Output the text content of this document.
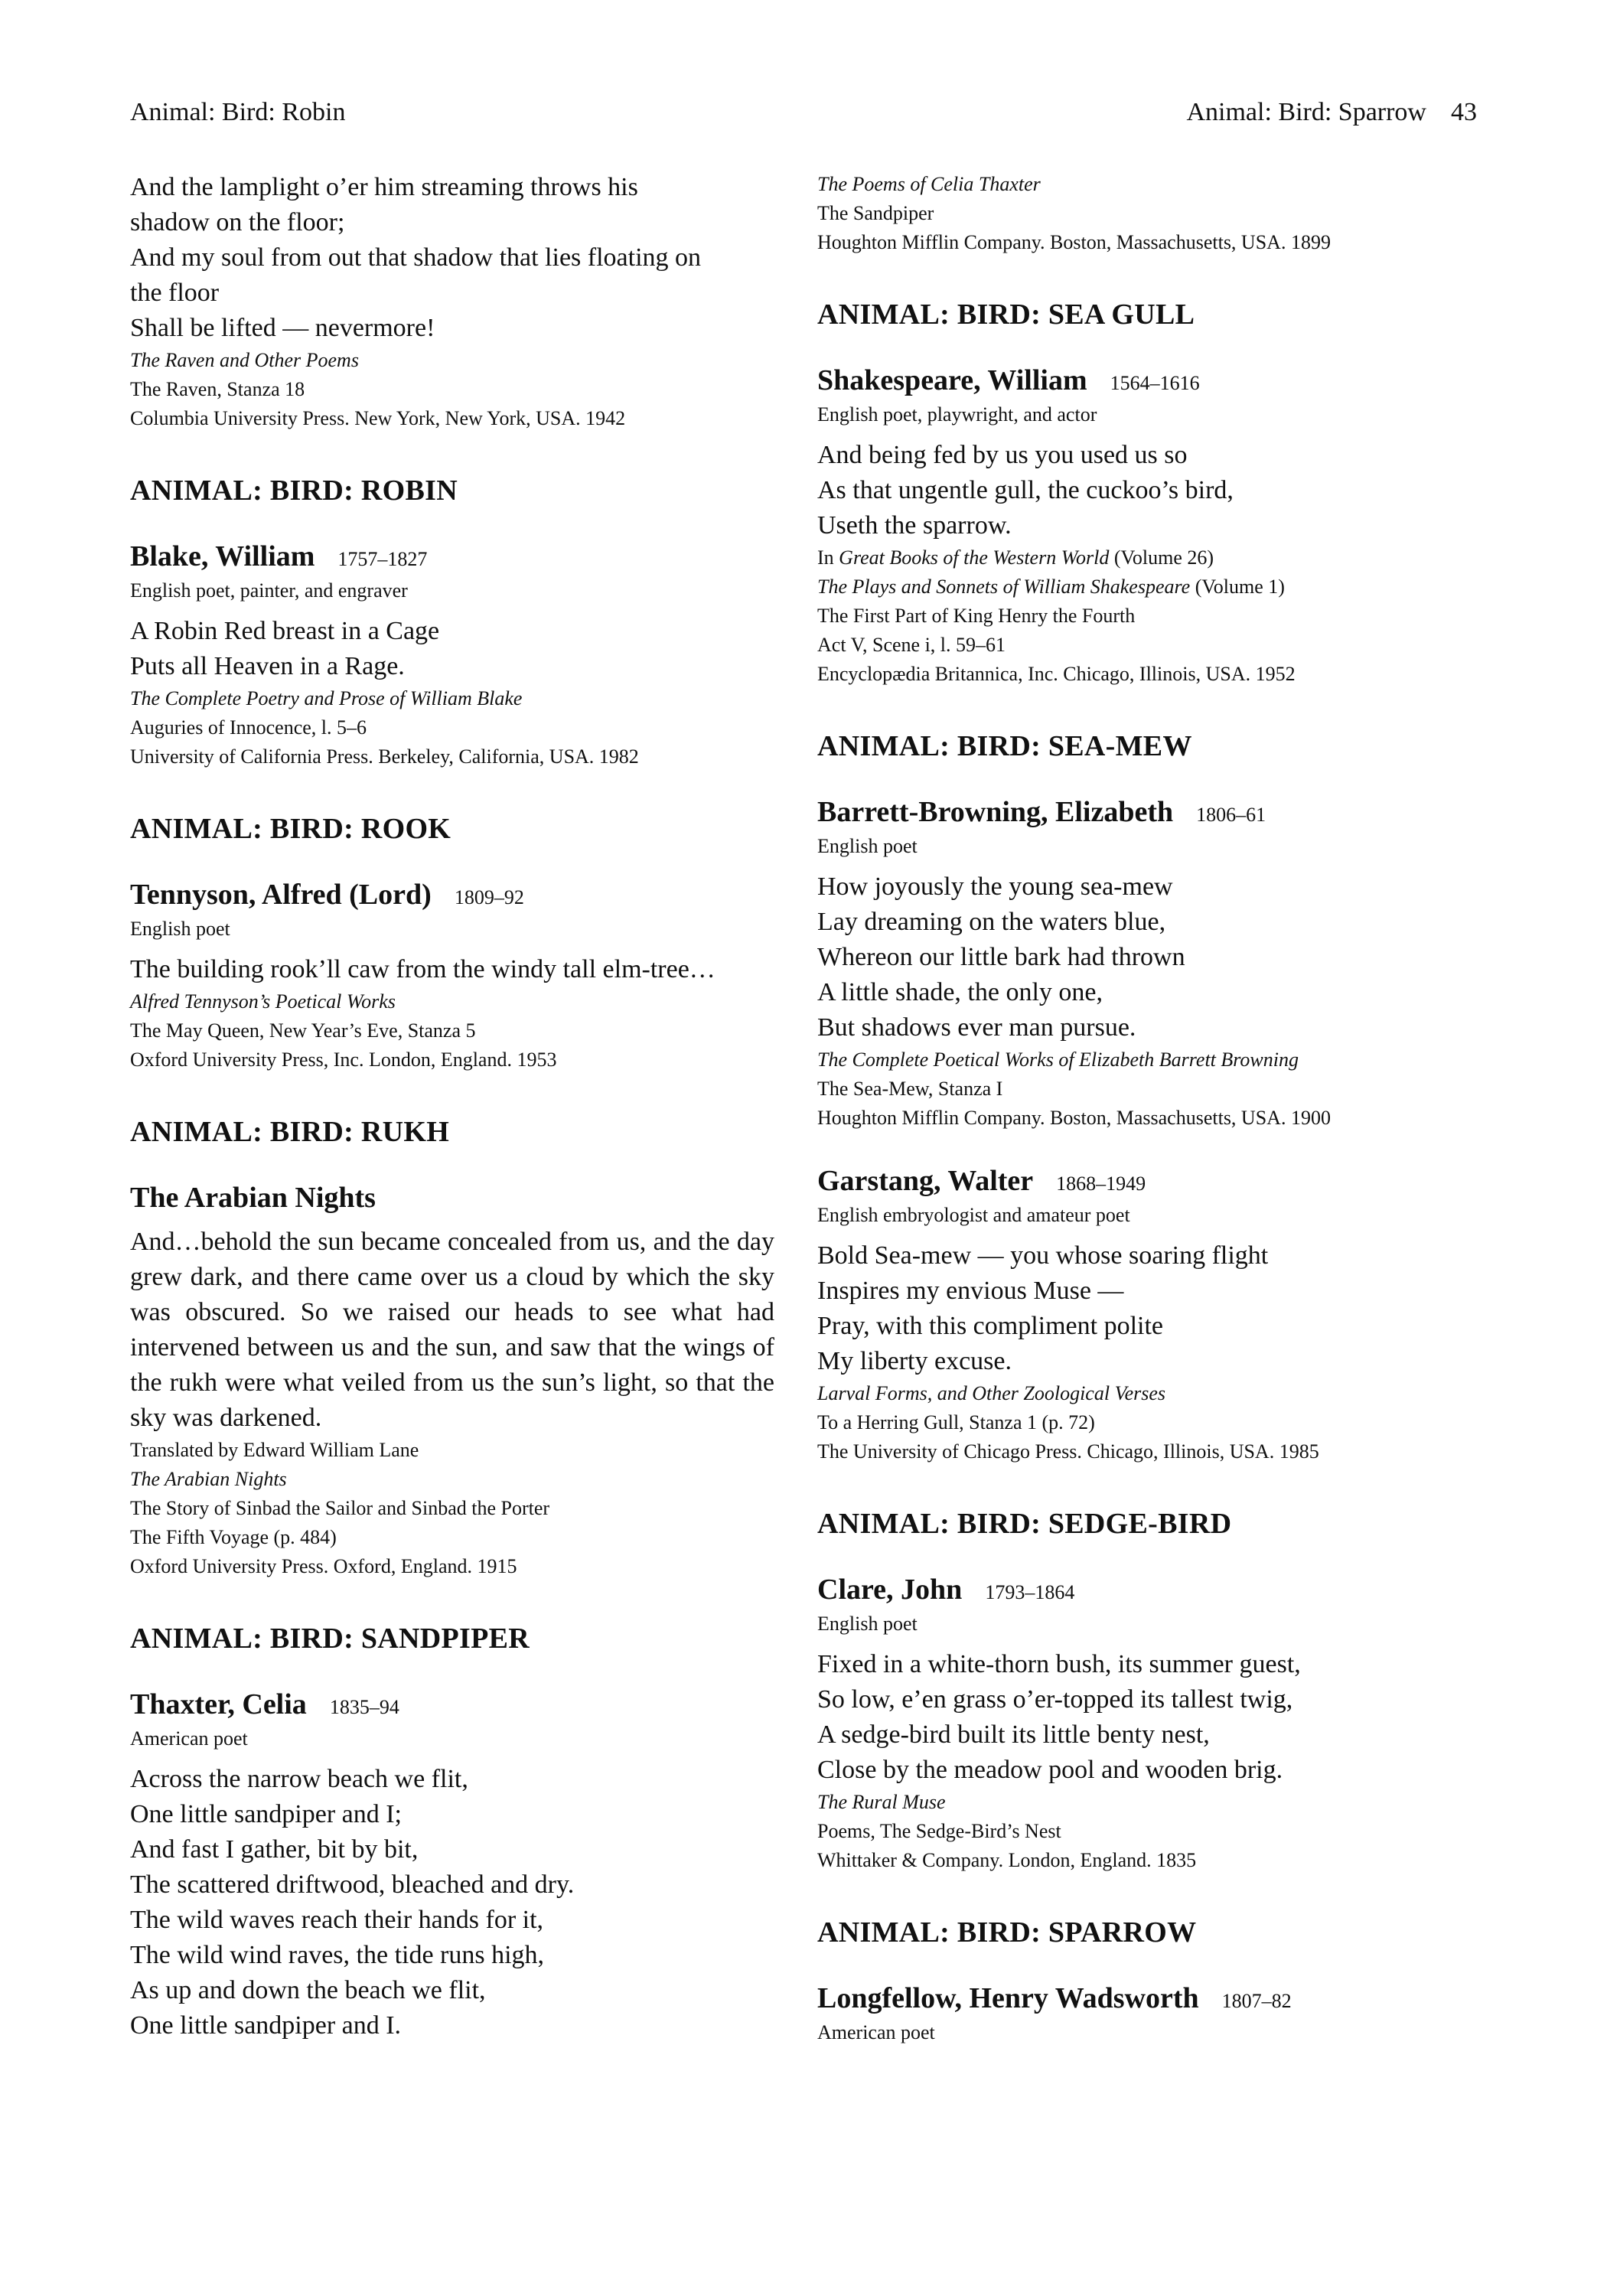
Animal: Bird: Robin	Animal: Bird: Sparrow 43
And the lamplight o’er him streaming throws his
shadow on the floor;
And my soul from out that shadow that lies floating on
the floor
Shall be lifted — nevermore!
The Raven and Other Poems
The Raven, Stanza 18
Columbia University Press. New York, New York, USA. 1942
ANIMAL: BIRD: ROBIN
Blake, William 1757–1827
English poet, painter, and engraver
A Robin Red breast in a Cage
Puts all Heaven in a Rage.
The Complete Poetry and Prose of William Blake
Auguries of Innocence, l. 5–6
University of California Press. Berkeley, California, USA. 1982
ANIMAL: BIRD: ROOK
Tennyson, Alfred (Lord) 1809–92
English poet
The building rook’ll caw from the windy tall elm-tree…
Alfred Tennyson’s Poetical Works
The May Queen, New Year’s Eve, Stanza 5
Oxford University Press, Inc. London, England. 1953
ANIMAL: BIRD: RUKH
The Arabian Nights
And…behold the sun became concealed from us, and the day grew dark, and there came over us a cloud by which the sky was obscured. So we raised our heads to see what had intervened between us and the sun, and saw that the wings of the rukh were what veiled from us the sun’s light, so that the sky was darkened.
Translated by Edward William Lane
The Arabian Nights
The Story of Sinbad the Sailor and Sinbad the Porter
The Fifth Voyage (p. 484)
Oxford University Press. Oxford, England. 1915
ANIMAL: BIRD: SANDPIPER
Thaxter, Celia 1835–94
American poet
Across the narrow beach we flit,
One little sandpiper and I;
And fast I gather, bit by bit,
The scattered driftwood, bleached and dry.
The wild waves reach their hands for it,
The wild wind raves, the tide runs high,
As up and down the beach we flit,
One little sandpiper and I.
The Poems of Celia Thaxter
The Sandpiper
Houghton Mifflin Company. Boston, Massachusetts, USA. 1899
ANIMAL: BIRD: SEA GULL
Shakespeare, William 1564–1616
English poet, playwright, and actor
And being fed by us you used us so
As that ungentle gull, the cuckoo’s bird,
Useth the sparrow.
In Great Books of the Western World (Volume 26)
The Plays and Sonnets of William Shakespeare (Volume 1)
The First Part of King Henry the Fourth
Act V, Scene i, l. 59–61
Encyclopædia Britannica, Inc. Chicago, Illinois, USA. 1952
ANIMAL: BIRD: SEA-MEW
Barrett-Browning, Elizabeth 1806–61
English poet
How joyously the young sea-mew
Lay dreaming on the waters blue,
Whereon our little bark had thrown
A little shade, the only one,
But shadows ever man pursue.
The Complete Poetical Works of Elizabeth Barrett Browning
The Sea-Mew, Stanza I
Houghton Mifflin Company. Boston, Massachusetts, USA. 1900
Garstang, Walter 1868–1949
English embryologist and amateur poet
Bold Sea-mew — you whose soaring flight
Inspires my envious Muse —
Pray, with this compliment polite
My liberty excuse.
Larval Forms, and Other Zoological Verses
To a Herring Gull, Stanza 1 (p. 72)
The University of Chicago Press. Chicago, Illinois, USA. 1985
ANIMAL: BIRD: SEDGE-BIRD
Clare, John 1793–1864
English poet
Fixed in a white-thorn bush, its summer guest,
So low, e’en grass o’er-topped its tallest twig,
A sedge-bird built its little benty nest,
Close by the meadow pool and wooden brig.
The Rural Muse
Poems, The Sedge-Bird’s Nest
Whittaker & Company. London, England. 1835
ANIMAL: BIRD: SPARROW
Longfellow, Henry Wadsworth 1807–82
American poet
